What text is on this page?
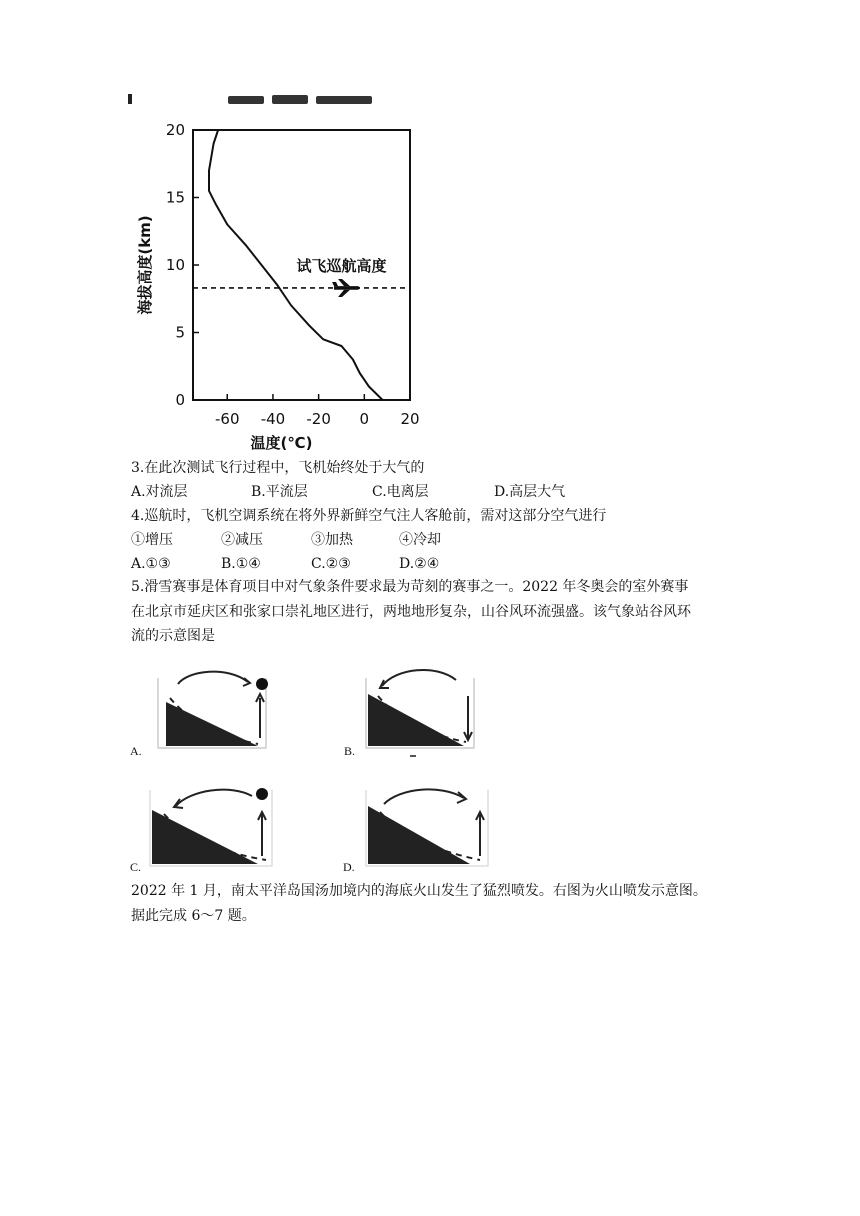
0
5
10
15
20
-60 -40 -20 0 20
温度(℃)
海拔高度(km)	试飞巡航高度
3.在此次测试飞行过程中，飞机始终处于大气的
A.对流层	B.平流层	C.电离层	D.高层大气
4.巡航时，飞机空调系统在将外界新鲜空气注人客舱前，需对这部分空气进行
①增压	②减压	③加热	④冷却
A.①③	B.①④	C.②③	D.②④
5.滑雪赛事是体育项目中对气象条件要求最为苛刻的赛事之一。2022 年冬奥会的室外赛事
在北京市延庆区和张家口崇礼地区进行，两地地形复杂，山谷风环流强盛。该气象站谷风环
流的示意图是
A.	B.
C.	D.
2022 年 1 月，南太平洋岛国汤加境内的海底火山发生了猛烈喷发。右图为火山喷发示意图。
据此完成 6～7 题。
